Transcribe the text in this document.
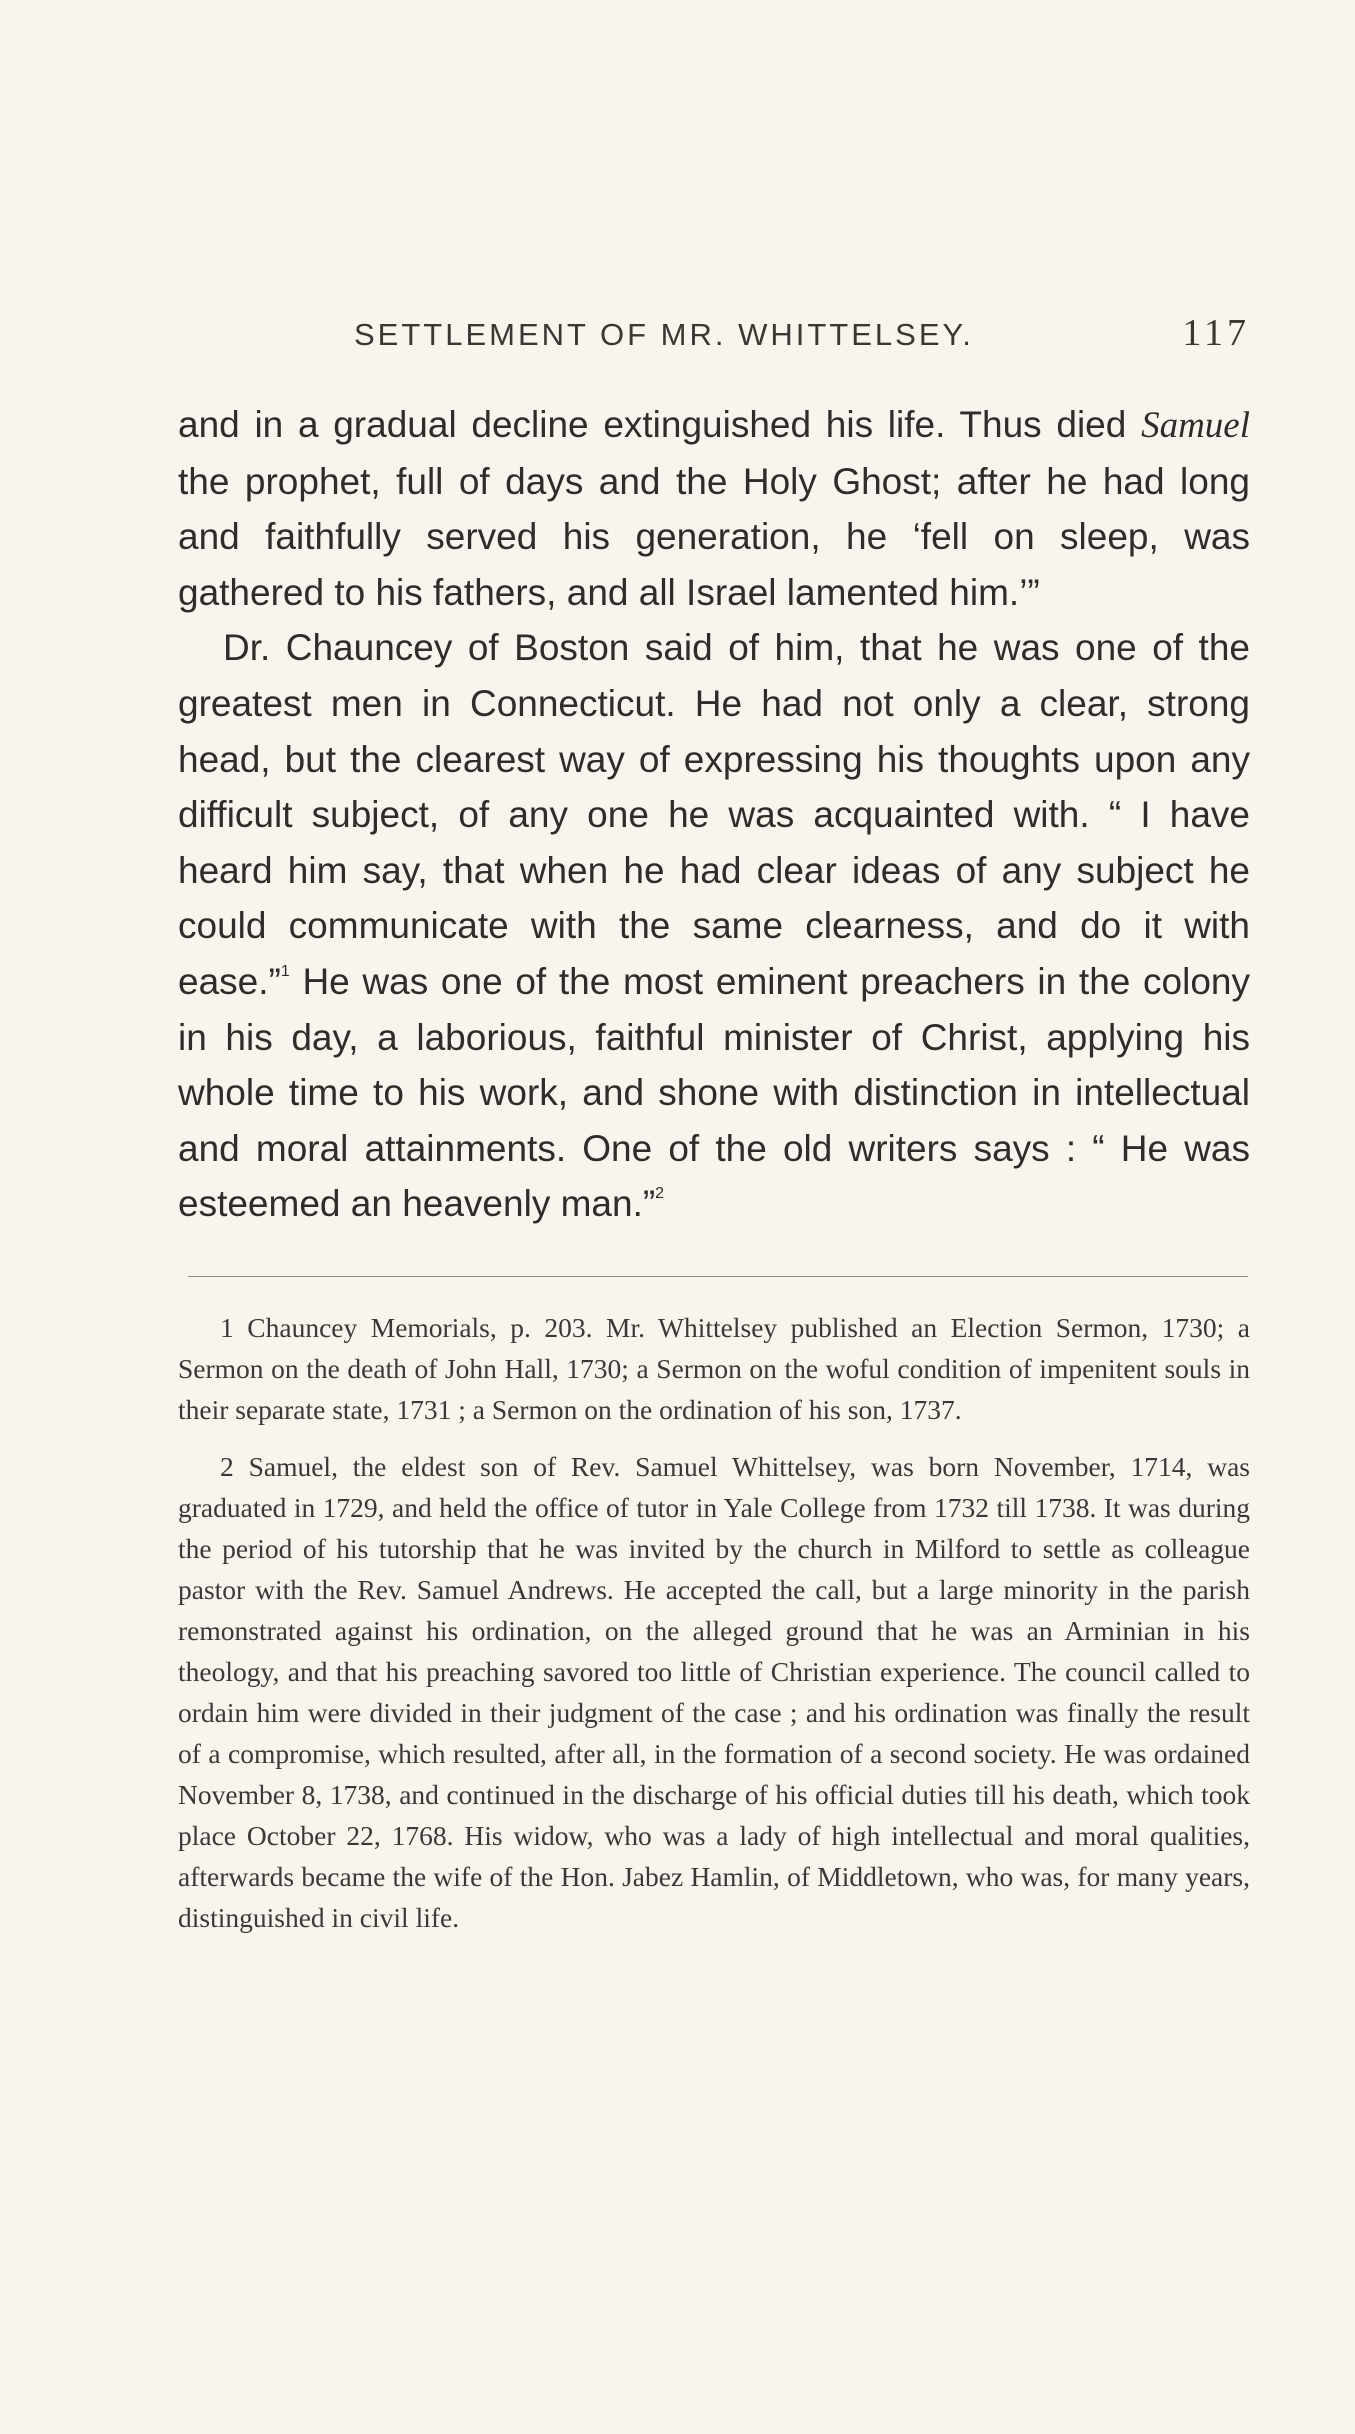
SETTLEMENT OF MR. WHITTELSEY.	117

and in a gradual decline extinguished his life. Thus died Samuel the prophet, full of days and the Holy Ghost; after he had long and faithfully served his generation, he ‘fell on sleep, was gathered to his fathers, and all Israel lamented him.’”

Dr. Chauncey of Boston said of him, that he was one of the greatest men in Connecticut. He had not only a clear, strong head, but the clearest way of expressing his thoughts upon any difficult subject, of any one he was acquainted with. “ I have heard him say, that when he had clear ideas of any subject he could communicate with the same clearness, and do it with ease.”$^1$ He was one of the most eminent preachers in the colony in his day, a laborious, faithful minister of Christ, applying his whole time to his work, and shone with distinction in intellectual and moral attainments. One of the old writers says : “ He was esteemed an heavenly man.”$^2$

1 Chauncey Memorials, p. 203. Mr. Whittelsey published an Election Sermon, 1730; a Sermon on the death of John Hall, 1730; a Sermon on the woful condition of impenitent souls in their separate state, 1731 ; a Sermon on the ordination of his son, 1737.

2 Samuel, the eldest son of Rev. Samuel Whittelsey, was born November, 1714, was graduated in 1729, and held the office of tutor in Yale College from 1732 till 1738. It was during the period of his tutorship that he was invited by the church in Milford to settle as colleague pastor with the Rev. Samuel Andrews. He accepted the call, but a large minority in the parish remonstrated against his ordination, on the alleged ground that he was an Arminian in his theology, and that his preaching savored too little of Christian experience. The council called to ordain him were divided in their judgment of the case ; and his ordination was finally the result of a compromise, which resulted, after all, in the formation of a second society. He was ordained November 8, 1738, and continued in the discharge of his official duties till his death, which took place October 22, 1768. His widow, who was a lady of high intellectual and moral qualities, afterwards became the wife of the Hon. Jabez Hamlin, of Middletown, who was, for many years, distinguished in civil life.
